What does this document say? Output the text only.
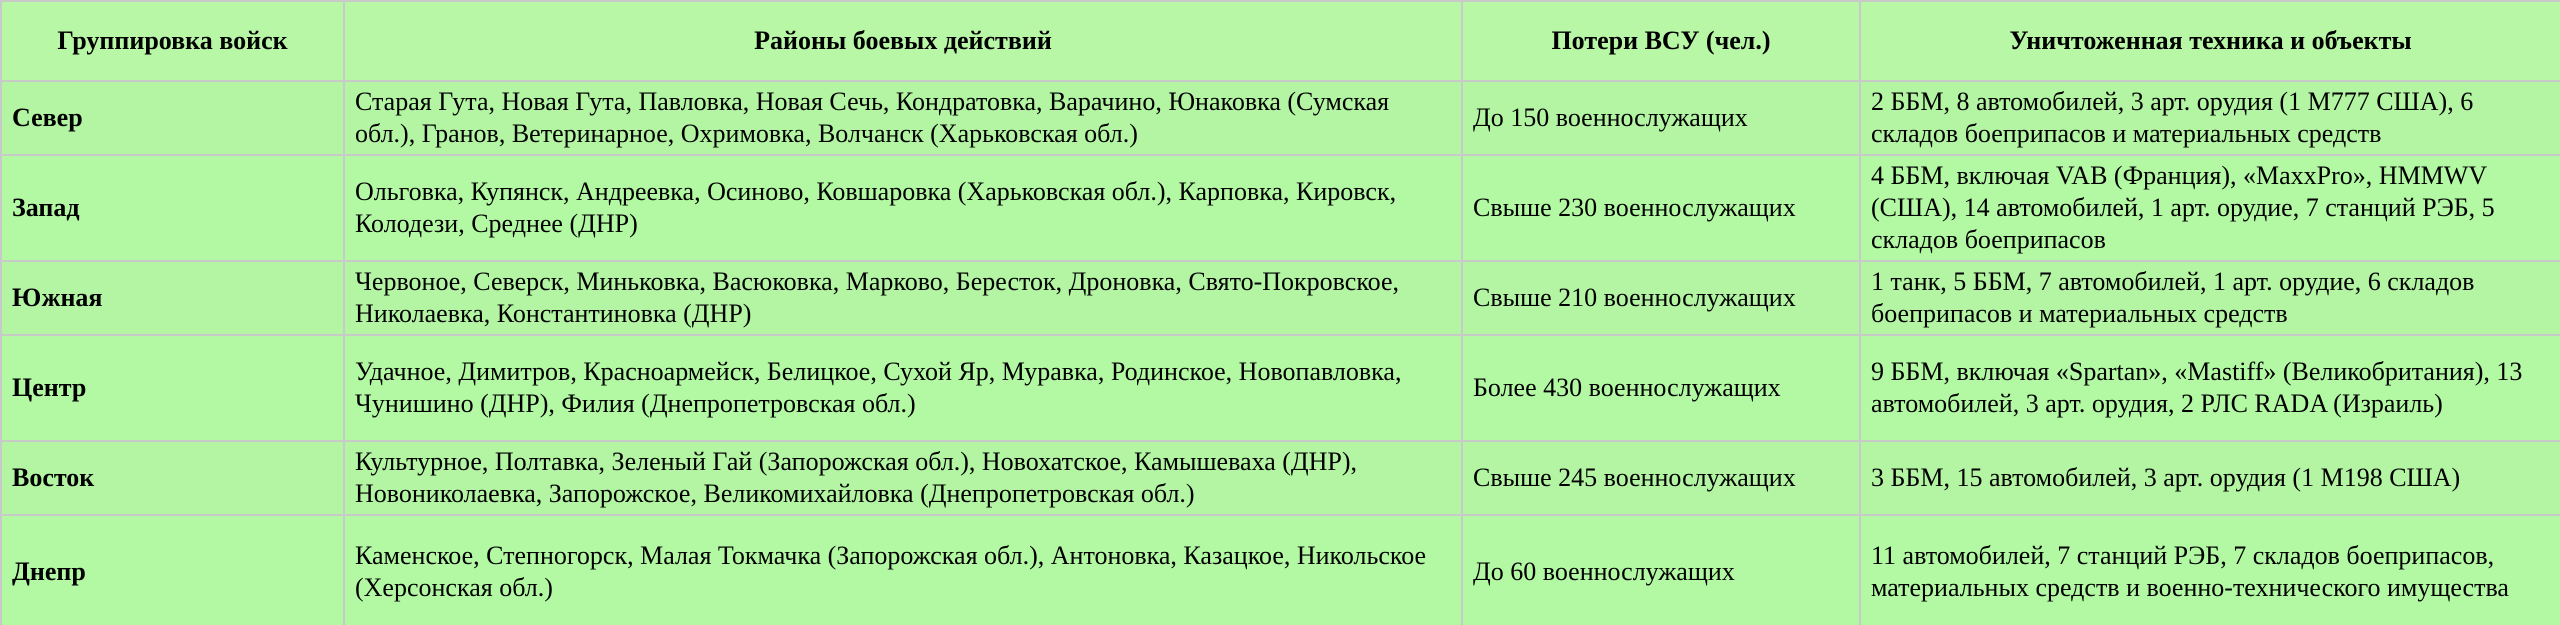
Группировка войск	Районы боевых действий	Потери ВСУ (чел.)	Уничтоженная техника и объекты
Север	Старая Гута, Новая Гута, Павловка, Новая Сечь, Кондратовка, Варачино, Юнаковка (Сумская обл.), Гранов, Ветеринарное, Охримовка, Волчанск (Харьковская обл.)	До 150 военнослужащих	2 ББМ, 8 автомобилей, 3 арт. орудия (1 M777 США), 6 складов боеприпасов и материальных средств
Запад	Ольговка, Купянск, Андреевка, Осиново, Ковшаровка (Харьковская обл.), Карповка, Кировск, Колодези, Среднее (ДНР)	Свыше 230 военнослужащих	4 ББМ, включая VAB (Франция), «MaxxPro», HMMWV (США), 14 автомобилей, 1 арт. орудие, 7 станций РЭБ, 5 складов боеприпасов
Южная	Червоное, Северск, Миньковка, Васюковка, Марково, Бересток, Дроновка, Свято-Покровское, Николаевка, Константиновка (ДНР)	Свыше 210 военнослужащих	1 танк, 5 ББМ, 7 автомобилей, 1 арт. орудие, 6 складов боеприпасов и материальных средств
Центр	Удачное, Димитров, Красноармейск, Белицкое, Сухой Яр, Муравка, Родинское, Новопавловка, Чунишино (ДНР), Филия (Днепропетровская обл.)	Более 430 военнослужащих	9 ББМ, включая «Spartan», «Mastiff» (Великобритания), 13 автомобилей, 3 арт. орудия, 2 РЛС RADA (Израиль)
Восток	Культурное, Полтавка, Зеленый Гай (Запорожская обл.), Новохатское, Камышеваха (ДНР), Новониколаевка, Запорожское, Великомихайловка (Днепропетровская обл.)	Свыше 245 военнослужащих	3 ББМ, 15 автомобилей, 3 арт. орудия (1 M198 США)
Днепр	Каменское, Степногорск, Малая Токмачка (Запорожская обл.), Антоновка, Казацкое, Никольское (Херсонская обл.)	До 60 военнослужащих	11 автомобилей, 7 станций РЭБ, 7 складов боеприпасов, материальных средств и военно-технического имущества
